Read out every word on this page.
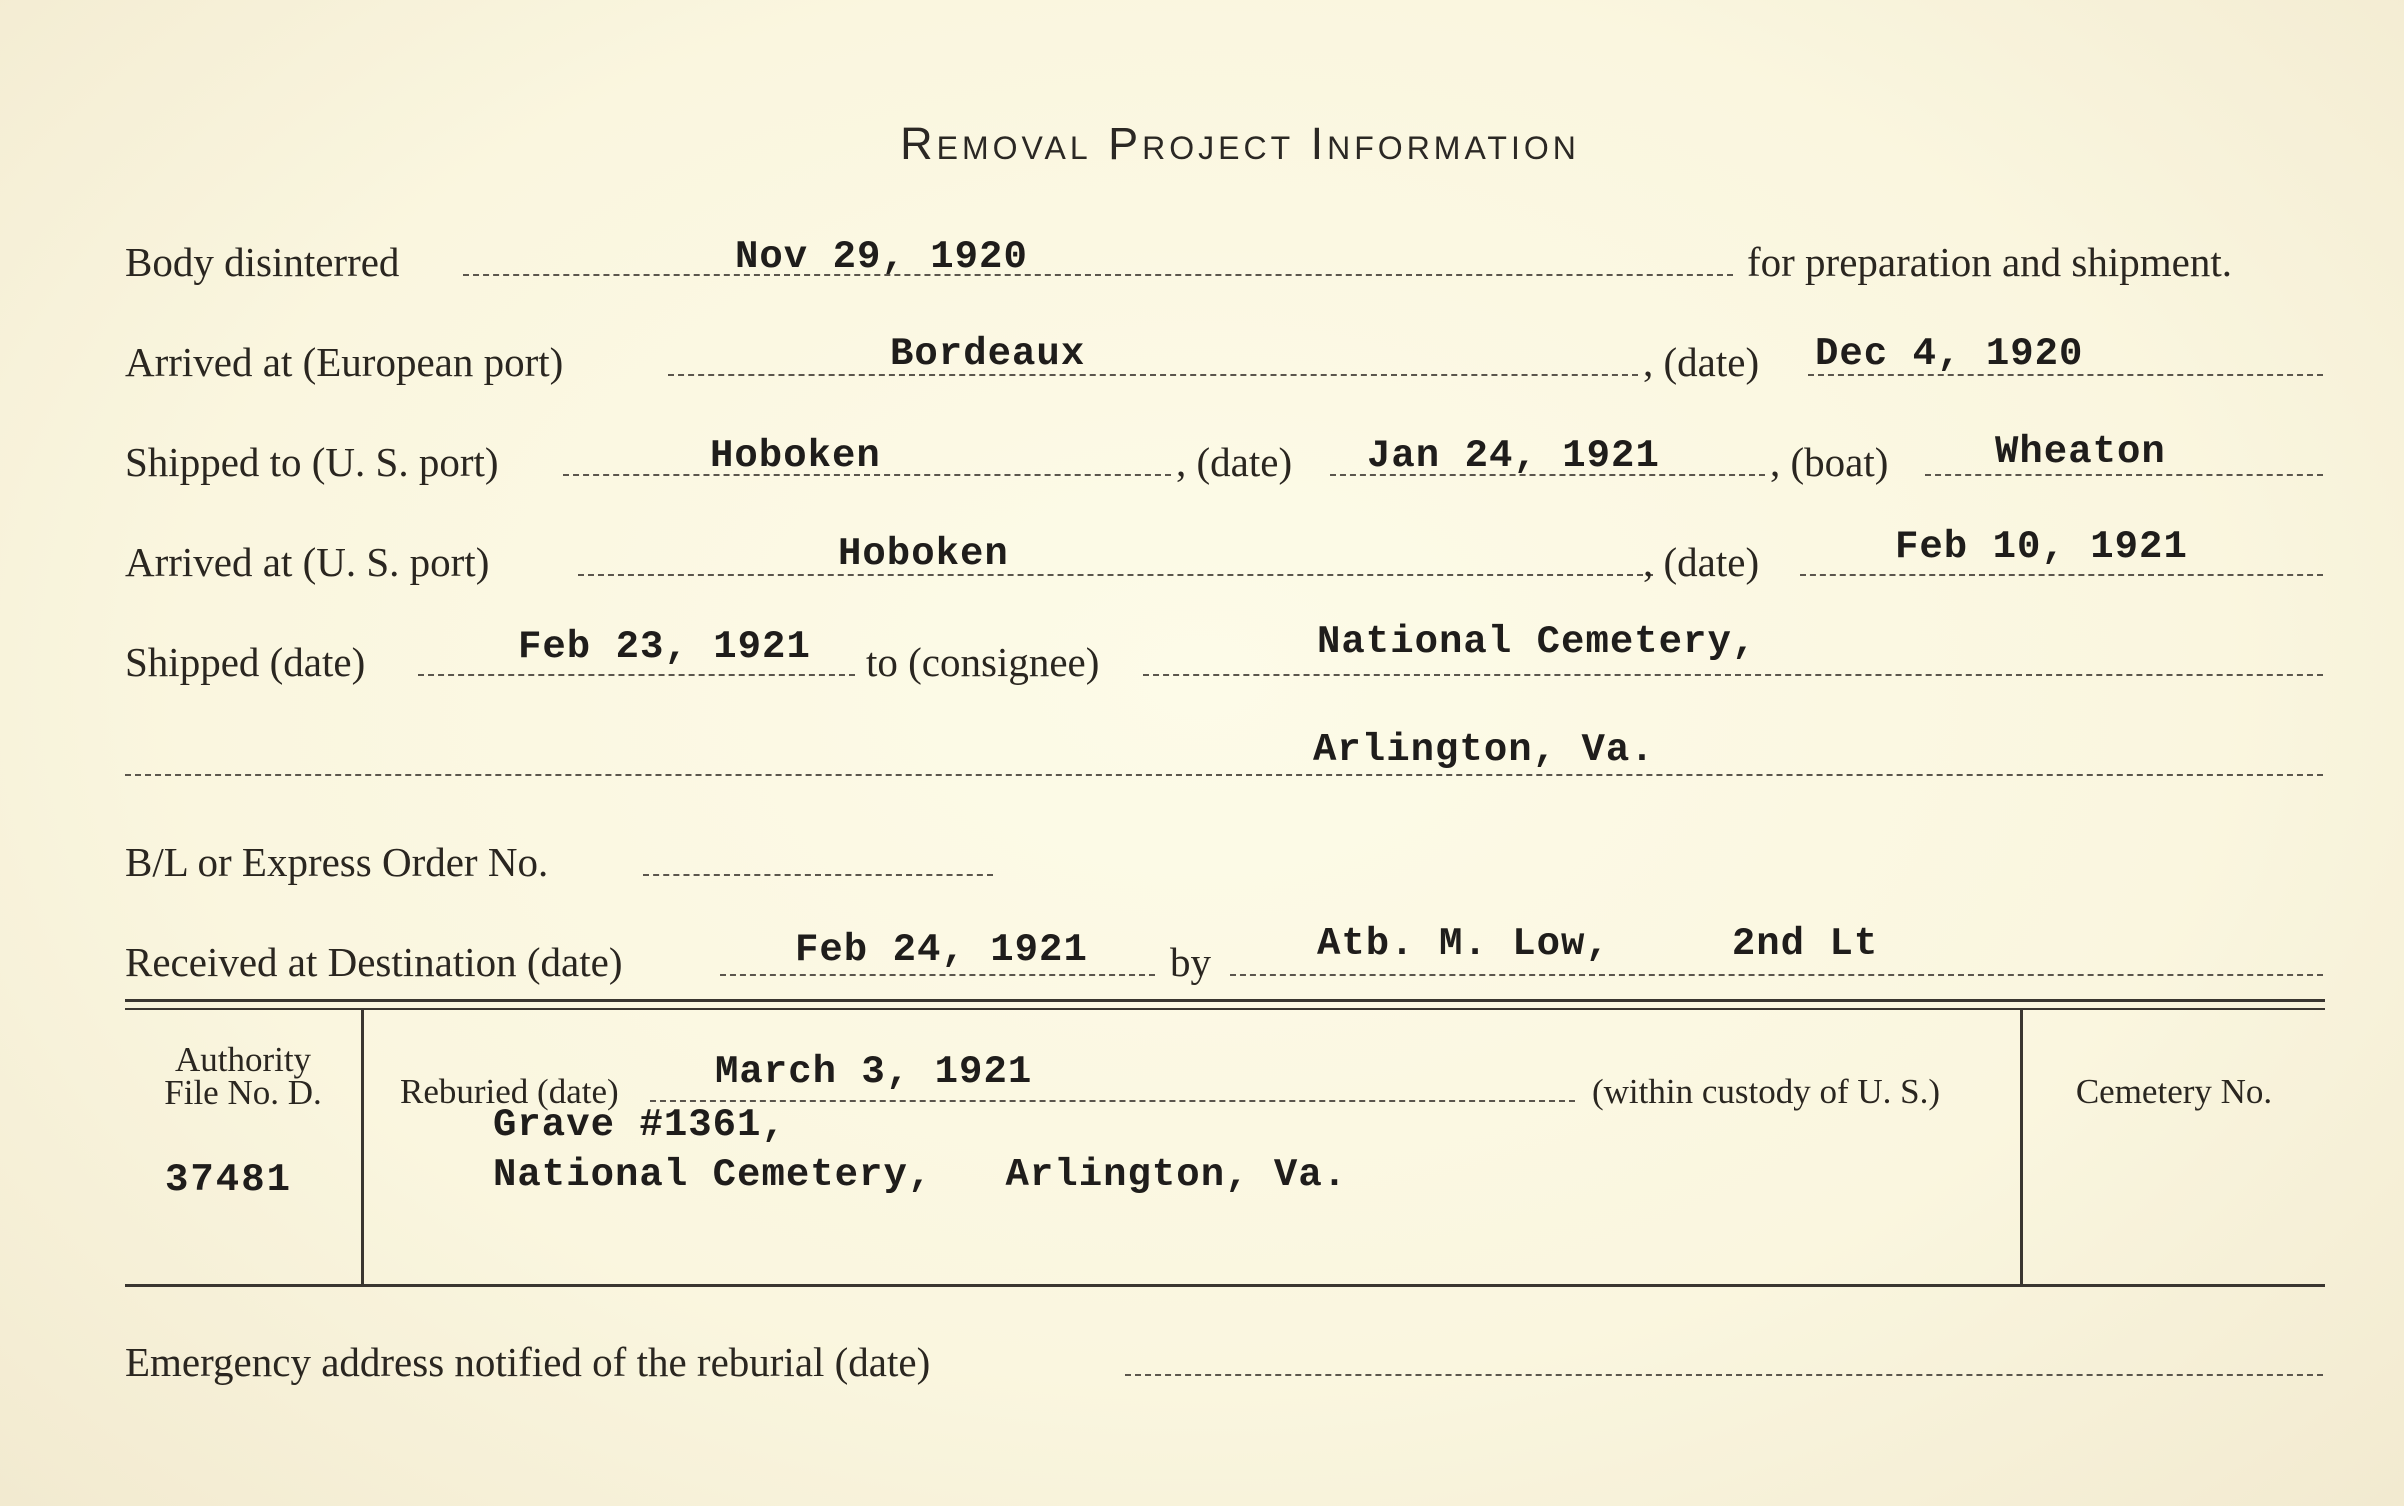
Removal Project Information
Body disinterred	Nov 29, 1920	for preparation and shipment.
Arrived at (European port)	Bordeaux	, (date) Dec 4, 1920
Shipped to (U. S. port)	Hoboken	, (date) Jan 24, 1921	, (boat)	Wheaton
Arrived at (U. S. port)	Hoboken	, (date)	Feb 10, 1921
Shipped (date)	Feb 23, 1921 to (consignee)	National Cemetery,
Arlington, Va.
B/L or Express Order No.
Received at Destination (date)	Feb 24, 1921 by	Atb. M. Low,     2nd Lt
Authority
File No. D.
37481
Reburied (date) March 3, 1921	(within custody of U. S.)
Grave #1361,
National Cemetery,   Arlington, Va.
Cemetery No.
Emergency address notified of the reburial (date)
